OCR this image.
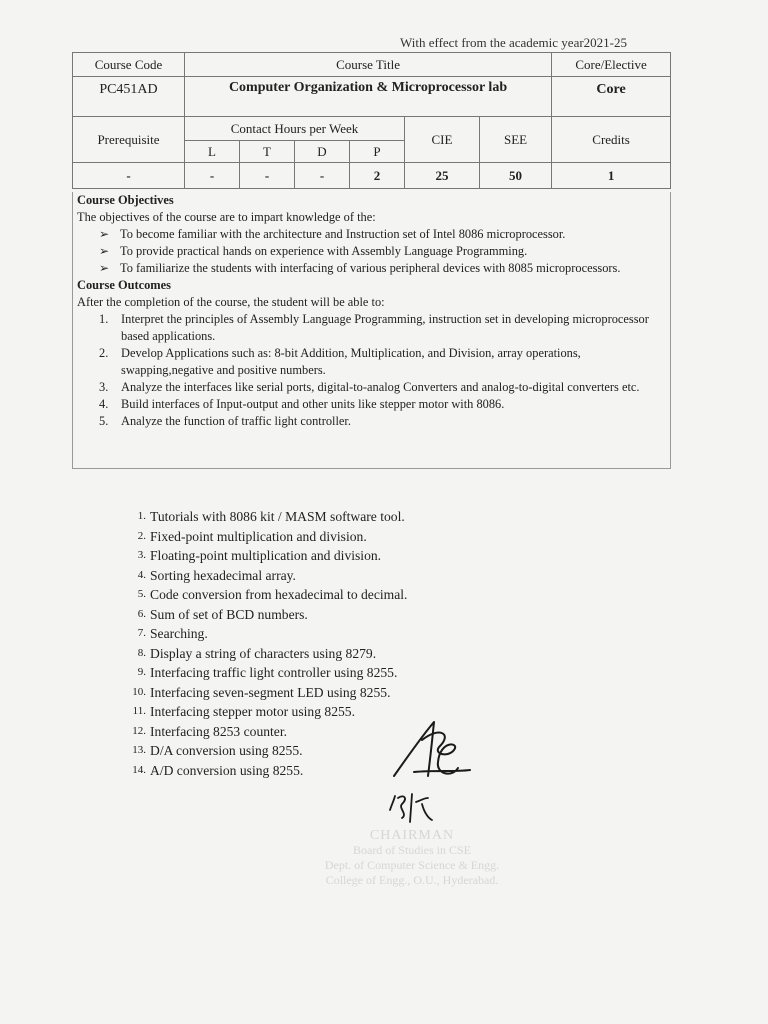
With effect from the academic year2021-25
Course Code	Course Title						Core/Elective
PC451AD	Computer Organization & Microprocessor lab						Core
Prerequisite	Contact Hours per Week				CIE	SEE	Credits
	L	T	D	P			
-	-	-	-	2	25	50	1
Course Objectives
The objectives of the course are to impart knowledge of the:
➢ To become familiar with the architecture and Instruction set of Intel 8086 microprocessor.
➢ To provide practical hands on experience with Assembly Language Programming.
➢ To familiarize the students with interfacing of various peripheral devices with 8085 microprocessors.
Course Outcomes
After the completion of the course, the student will be able to:
1. Interpret the principles of Assembly Language Programming, instruction set in developing microprocessor based applications.
2. Develop Applications such as: 8-bit Addition, Multiplication, and Division, array operations, swapping,negative and positive numbers.
3. Analyze the interfaces like serial ports, digital-to-analog Converters and analog-to-digital converters etc.
4. Build interfaces of Input-output and other units like stepper motor with 8086.
5. Analyze the function of traffic light controller.
1. Tutorials with 8086 kit / MASM software tool.
2. Fixed-point multiplication and division.
3. Floating-point multiplication and division.
4. Sorting hexadecimal array.
5. Code conversion from hexadecimal to decimal.
6. Sum of set of BCD numbers.
7. Searching.
8. Display a string of characters using 8279.
9. Interfacing traffic light controller using 8255.
10. Interfacing seven-segment LED using 8255.
11. Interfacing stepper motor using 8255.
12. Interfacing 8253 counter.
13. D/A conversion using 8255.
14. A/D conversion using 8255.
CHAIRMAN
Board of Studies in CSE
Dept. of Computer Science & Engg.
College of Engg., O.U., Hyderabad.
